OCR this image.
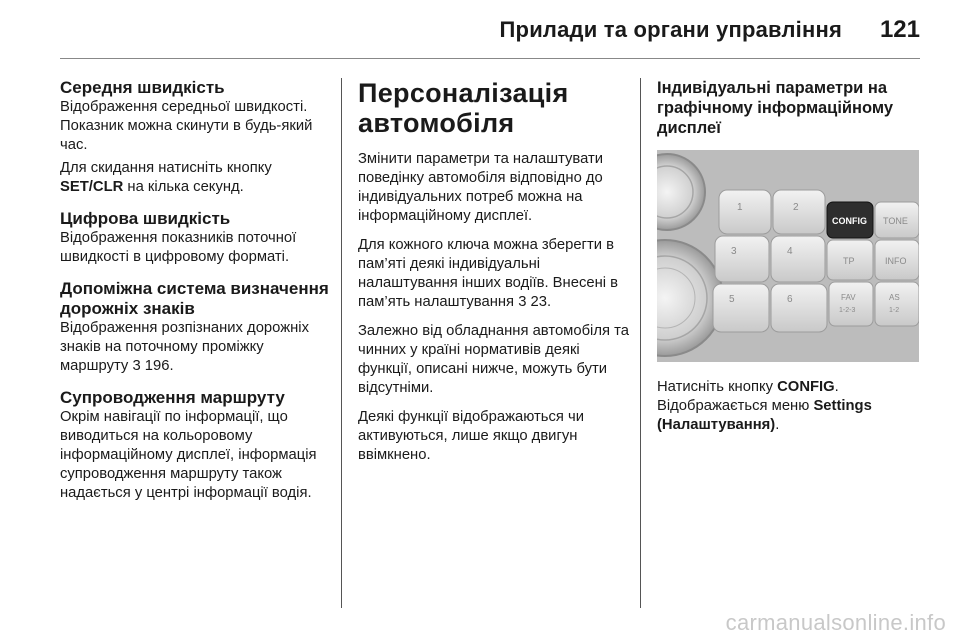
Прилади та органи управління 121
Середня швидкість

Відображення середньої швидкості. Показник можна скинути в будь-який час.

Для скидання натисніть кнопку SET/CLR на кілька секунд.

Цифрова швидкість

Відображення показників поточної швидкості в цифровому форматі.

Допоміжна система визначення дорожніх знаків

Відображення розпізнаних дорожніх знаків на поточному проміжку маршруту 3 196.

Супроводження маршруту

Окрім навігації по інформації, що виводиться на кольоровому інформаційному дисплеї, інформація супроводження маршруту також надається у центрі інформації водія.

Персоналізація автомобіля

Змінити параметри та налаштувати поведінку автомобіля відповідно до індивідуальних потреб можна на інформаційному дисплеї.

Для кожного ключа можна зберегти в пам’яті деякі індивідуальні налаштування інших водіїв. Внесені в пам’ять налаштування 3 23.

Залежно від обладнання автомобіля та чинних у країні нормативів деякі функції, описані нижче, можуть бути відсутніми.

Деякі функції відображаються чи активуються, лише якщо двигун ввімкнено.

Індивідуальні параметри на графічному інформаційному дисплеї
1	2
3	4
5	6
CONFIG TONE
TP	INFO
FAV
1-2-3
AS
1-2

Натисніть кнопку CONFIG.

Відображається меню Settings (Налаштування).

carmanualsonline.info
